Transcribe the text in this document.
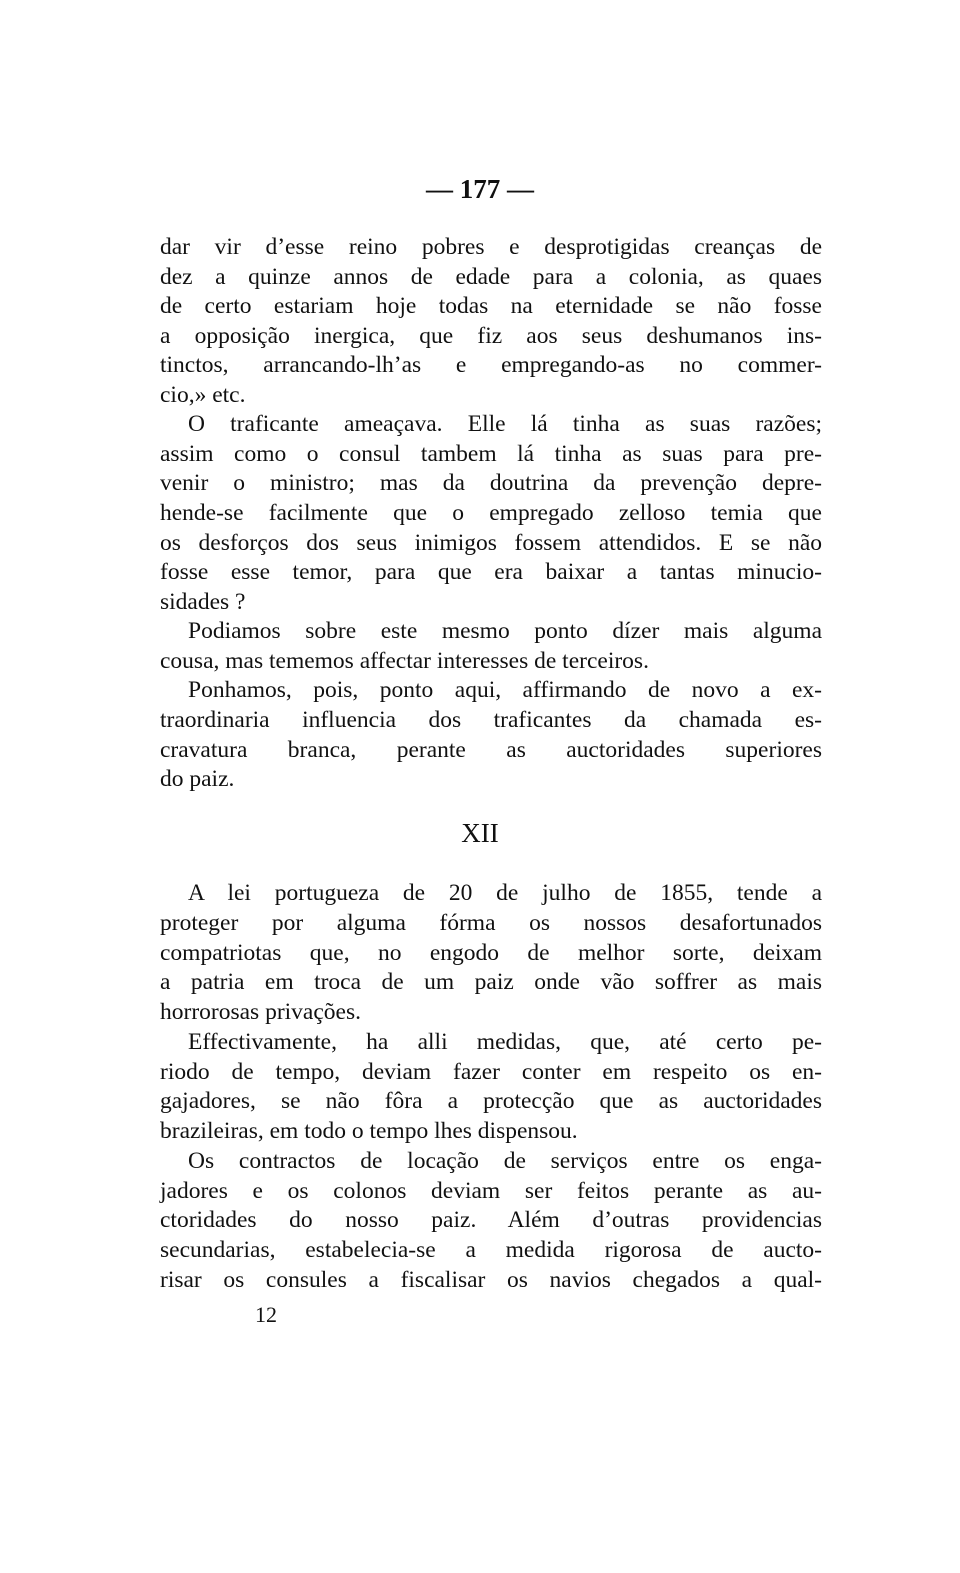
— 177 —
dar vir d’esse reino pobres e desprotigidas creanças de
dez a quinze annos de edade para a colonia, as quaes
de certo estariam hoje todas na eternidade se não fosse
a opposição inergica, que fiz aos seus deshumanos ins-
tinctos, arrancando-lh’as e empregando-as no commer-
cio,» etc.
O traficante ameaçava. Elle lá tinha as suas razões;
assim como o consul tambem lá tinha as suas para pre-
venir o ministro; mas da doutrina da prevenção depre-
hende-se facilmente que o empregado zelloso temia que
os desforços dos seus inimigos fossem attendidos. E se não
fosse esse temor, para que era baixar a tantas minucio-
sidades ?
Podiamos sobre este mesmo ponto dízer mais alguma
cousa, mas tememos affectar interesses de terceiros.
Ponhamos, pois, ponto aqui, affirmando de novo a ex-
traordinaria influencia dos traficantes da chamada es-
cravatura branca, perante as auctoridades superiores
do paiz.
XII
A lei portugueza de 20 de julho de 1855, tende a
proteger por alguma fórma os nossos desafortunados
compatriotas que, no engodo de melhor sorte, deixam
a patria em troca de um paiz onde vão soffrer as mais
horrorosas privações.
Effectivamente, ha alli medidas, que, até certo pe-
riodo de tempo, deviam fazer conter em respeito os en-
gajadores, se não fôra a protecção que as auctoridades
brazileiras, em todo o tempo lhes dispensou.
Os contractos de locação de serviços entre os enga-
jadores e os colonos deviam ser feitos perante as au-
ctoridades do nosso paiz. Além d’outras providencias
secundarias, estabelecia-se a medida rigorosa de aucto-
risar os consules a fiscalisar os navios chegados a qual-
12
